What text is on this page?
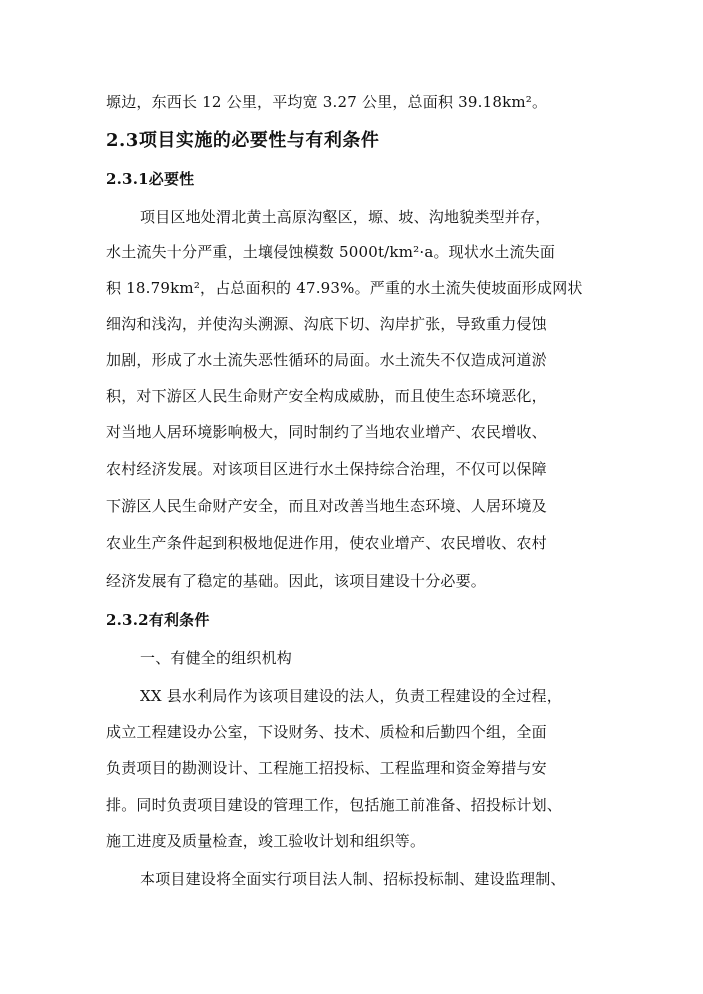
塬边，东西长 12 公里，平均宽 3.27 公里，总面积 39.18km²。
2.3项目实施的必要性与有利条件
2.3.1必要性
项目区地处渭北黄土高原沟壑区，塬、坡、沟地貌类型并存，
水土流失十分严重，土壤侵蚀模数 5000t/km²·a。现状水土流失面
积 18.79km²，占总面积的 47.93%。严重的水土流失使坡面形成网状
细沟和浅沟，并使沟头溯源、沟底下切、沟岸扩张，导致重力侵蚀
加剧，形成了水土流失恶性循环的局面。水土流失不仅造成河道淤
积，对下游区人民生命财产安全构成威胁，而且使生态环境恶化，
对当地人居环境影响极大，同时制约了当地农业增产、农民增收、
农村经济发展。对该项目区进行水土保持综合治理，不仅可以保障
下游区人民生命财产安全，而且对改善当地生态环境、人居环境及
农业生产条件起到积极地促进作用，使农业增产、农民增收、农村
经济发展有了稳定的基础。因此，该项目建设十分必要。
2.3.2有利条件
一、有健全的组织机构
XX 县水利局作为该项目建设的法人，负责工程建设的全过程，
成立工程建设办公室，下设财务、技术、质检和后勤四个组，全面
负责项目的勘测设计、工程施工招投标、工程监理和资金筹措与安
排。同时负责项目建设的管理工作，包括施工前准备、招投标计划、
施工进度及质量检查，竣工验收计划和组织等。
本项目建设将全面实行项目法人制、招标投标制、建设监理制、
